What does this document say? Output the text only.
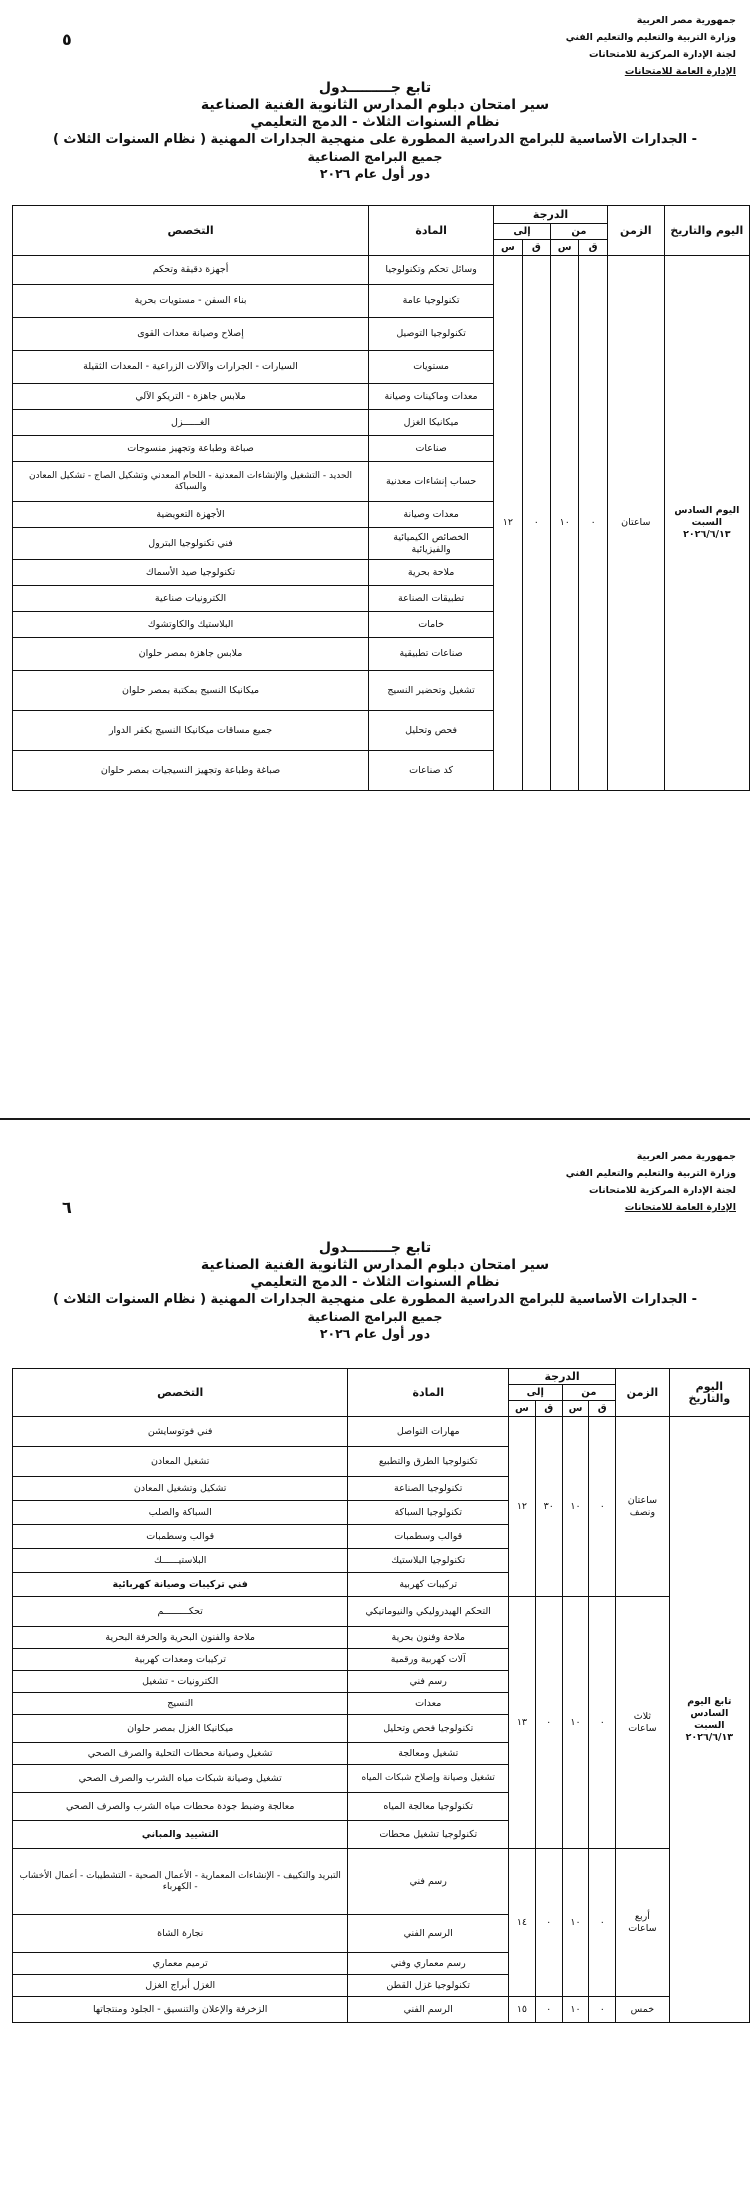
٥
جمهورية مصر العربية
وزارة التربية والتعليم والتعليم الفني
لجنة الإدارة المركزية للامتحانات
الإدارة العامة للامتحانات
تابع جـــــــــدول
سير امتحان دبلوم المدارس الثانوية الفنية الصناعية
نظام السنوات الثلاث - الدمج التعليمي
- الجدارات الأساسية للبرامج الدراسية المطورة على منهجية الجدارات المهنية ( نظام السنوات الثلاث )
جميع البرامج الصناعية
دور أول عام ٢٠٢٦
اليوم والتاريخ	الزمن	الدرجة				المادة	التخصص
		من		إلى			
		ق	س	ق	س		

اليوم السادس السبت
٢٠٢٦/٦/١٣	ساعتان	٠	١٠	٠	١٢	وسائل تحكم وتكنولوجيا	أجهزة دقيقة وتحكم
						تكنولوجيا عامة	بناء السفن - مستويات بحرية
						تكنولوجيا التوصيل	إصلاح وصيانة معدات القوى
						مستويات	السيارات - الجرارات والآلات الزراعية - المعدات الثقيلة
						معدات وماكينات وصيانة	ملابس جاهزة - التريكو الآلي
						ميكانيكا الغزل	الغــــــزل
						صناعات	صباغة وطباعة وتجهيز منسوجات
						حساب إنشاءات معدنية	الحديد - التشغيل والإنشاءات المعدنية - اللحام المعدني وتشكيل الصاج - تشكيل المعادن والسباكة
						معدات وصيانة	الأجهزة التعويضية
						الخصائص الكيميائية والفيزيائية	فني تكنولوجيا البترول
						ملاحة بحرية	تكنولوجيا صيد الأسماك
						تطبيقات الصناعة	الكترونيات صناعية
						خامات	البلاستيك والكاوتشوك
						صناعات تطبيقية	ملابس جاهزة بمصر حلوان
						تشغيل وتحضير النسيج	ميكانيكا النسيج بمكتبة بمصر حلوان
						فحص وتحليل	جميع مساقات ميكانيكا النسيج بكفر الدوار
						كد صناعات	صباغة وطباعة وتجهيز النسيجيات بمصر حلوان
٦
جمهورية مصر العربية
وزارة التربية والتعليم والتعليم الفني
لجنة الإدارة المركزية للامتحانات
الإدارة العامة للامتحانات
تابع جـــــــــدول
سير امتحان دبلوم المدارس الثانوية الفنية الصناعية
نظام السنوات الثلاث - الدمج التعليمي
- الجدارات الأساسية للبرامج الدراسية المطورة على منهجية الجدارات المهنية ( نظام السنوات الثلاث )
جميع البرامج الصناعية
دور أول عام ٢٠٢٦
اليوم والتاريخ	الزمن	الدرجة				المادة	التخصص
		من		إلى			
		ق	س	ق	س		

تابع اليوم السادس السبت
٢٠٢٦/٦/١٣	ساعتان ونصف	٠	١٠	٣٠	١٢	مهارات التواصل	فني فوتوسايشن
						تكنولوجيا الطرق والتطبيع	تشغيل المعادن
						تكنولوجيا الصناعة	تشكيل وتشغيل المعادن
						تكنولوجيا السباكة	السباكة والصلب
						قوالب وسطمبات	قوالب وسطمبات
						تكنولوجيا البلاستيك	البلاستيــــــك
						تركيبات كهربية	فني تركيبات وصيانة كهربائية
	ثلاث ساعات	٠	١٠	٠	١٣	التحكم الهيدروليكي والنيوماتيكي	تحكـــــــــم
						ملاحة وفنون بحرية	ملاحة والفنون البحرية والحرفة البحرية
						آلات كهربية ورقمية	تركيبات ومعدات كهربية
						رسم فني	الكترونيات - تشغيل
						معدات	النسيج
						تكنولوجيا فحص وتحليل	ميكانيكا الغزل بمصر حلوان
						تشغيل ومعالجة	تشغيل وصيانة محطات التحلية والصرف الصحي
						تشغيل وصيانة وإصلاح شبكات المياه	تشغيل وصيانة شبكات مياه الشرب والصرف الصحي
						تكنولوجيا معالجة المياه	معالجة وضبط جودة محطات مياه الشرب والصرف الصحي
						تكنولوجيا تشغيل محطات	التشييد والمباني
	أربع ساعات	٠	١٠	٠	١٤	رسم فني	التبريد والتكييف - الإنشاءات المعمارية - الأعمال الصحية - التشطيبات - أعمال الأخشاب - الكهرباء
						الرسم الفني	نجارة الشاة
						رسم معماري وفني	ترميم معماري
						تكنولوجيا غزل القطن	الغزل أبراج الغزل
	خمس	٠	١٠	٠	١٥	الرسم الفني	الزخرفة والإعلان والتنسيق - الجلود ومنتجاتها
